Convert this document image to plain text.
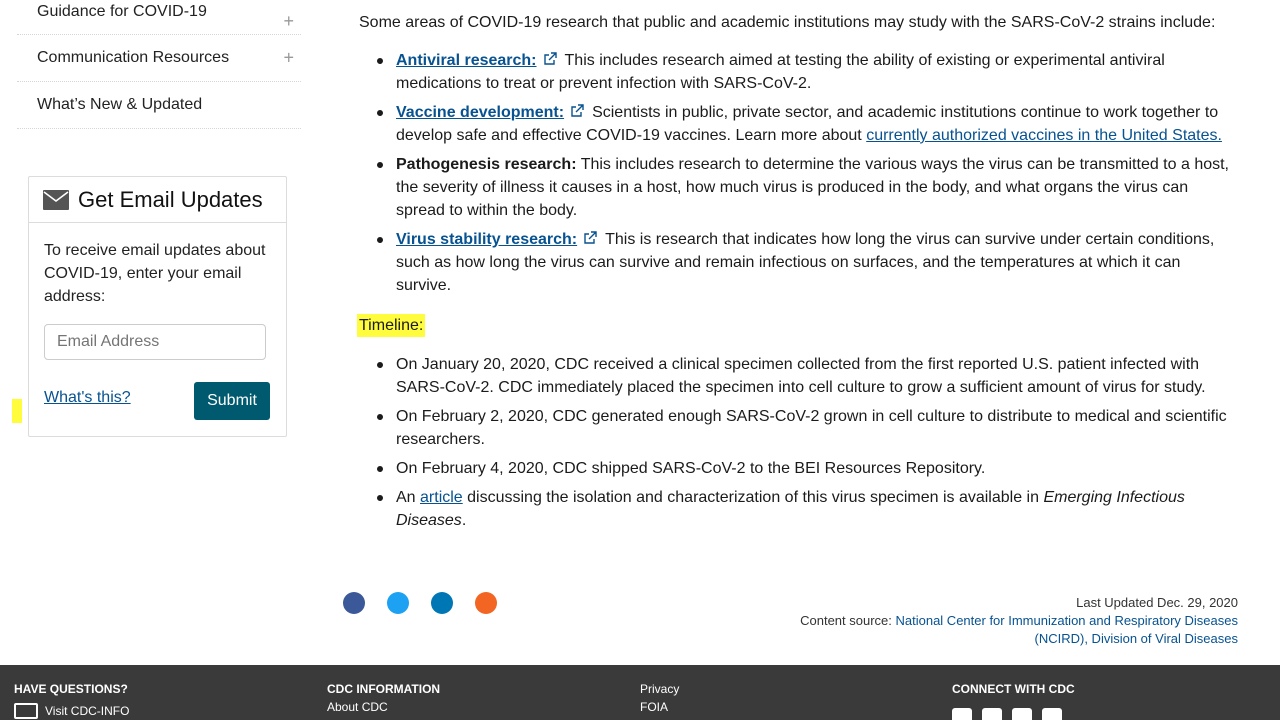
Guidance for COVID-19	+
Communication Resources	+
What’s New & Updated
Get Email Updates

To receive email updates about COVID-19, enter your email address:

Email Address
What's this?	Submit

Some areas of COVID-19 research that public and academic institutions may study with the SARS-CoV-2 strains include:

Antiviral research: This includes research aimed at testing the ability of existing or experimental antiviral medications to treat or prevent infection with SARS-CoV-2.
Vaccine development: Scientists in public, private sector, and academic institutions continue to work together to develop safe and effective COVID-19 vaccines. Learn more about currently authorized vaccines in the United States.
Pathogenesis research: This includes research to determine the various ways the virus can be transmitted to a host, the severity of illness it causes in a host, how much virus is produced in the body, and what organs the virus can spread to within the body.
Virus stability research: This is research that indicates how long the virus can survive under certain conditions, such as how long the virus can survive and remain infectious on surfaces, and the temperatures at which it can survive.
Timeline:
On January 20, 2020, CDC received a clinical specimen collected from the first reported U.S. patient infected with SARS-CoV-2. CDC immediately placed the specimen into cell culture to grow a sufficient amount of virus for study.
On February 2, 2020, CDC generated enough SARS-CoV-2 grown in cell culture to distribute to medical and scientific researchers.
On February 4, 2020, CDC shipped SARS-CoV-2 to the BEI Resources Repository.
An article discussing the isolation and characterization of this virus specimen is available in Emerging Infectious Diseases.
Last Updated Dec. 29, 2020
Content source: National Center for Immunization and Respiratory Diseases
(NCIRD), Division of Viral Diseases
HAVE QUESTIONS?
Visit CDC-INFO
CDC INFORMATION
About CDC
Privacy
FOIA
CONNECT WITH CDC
